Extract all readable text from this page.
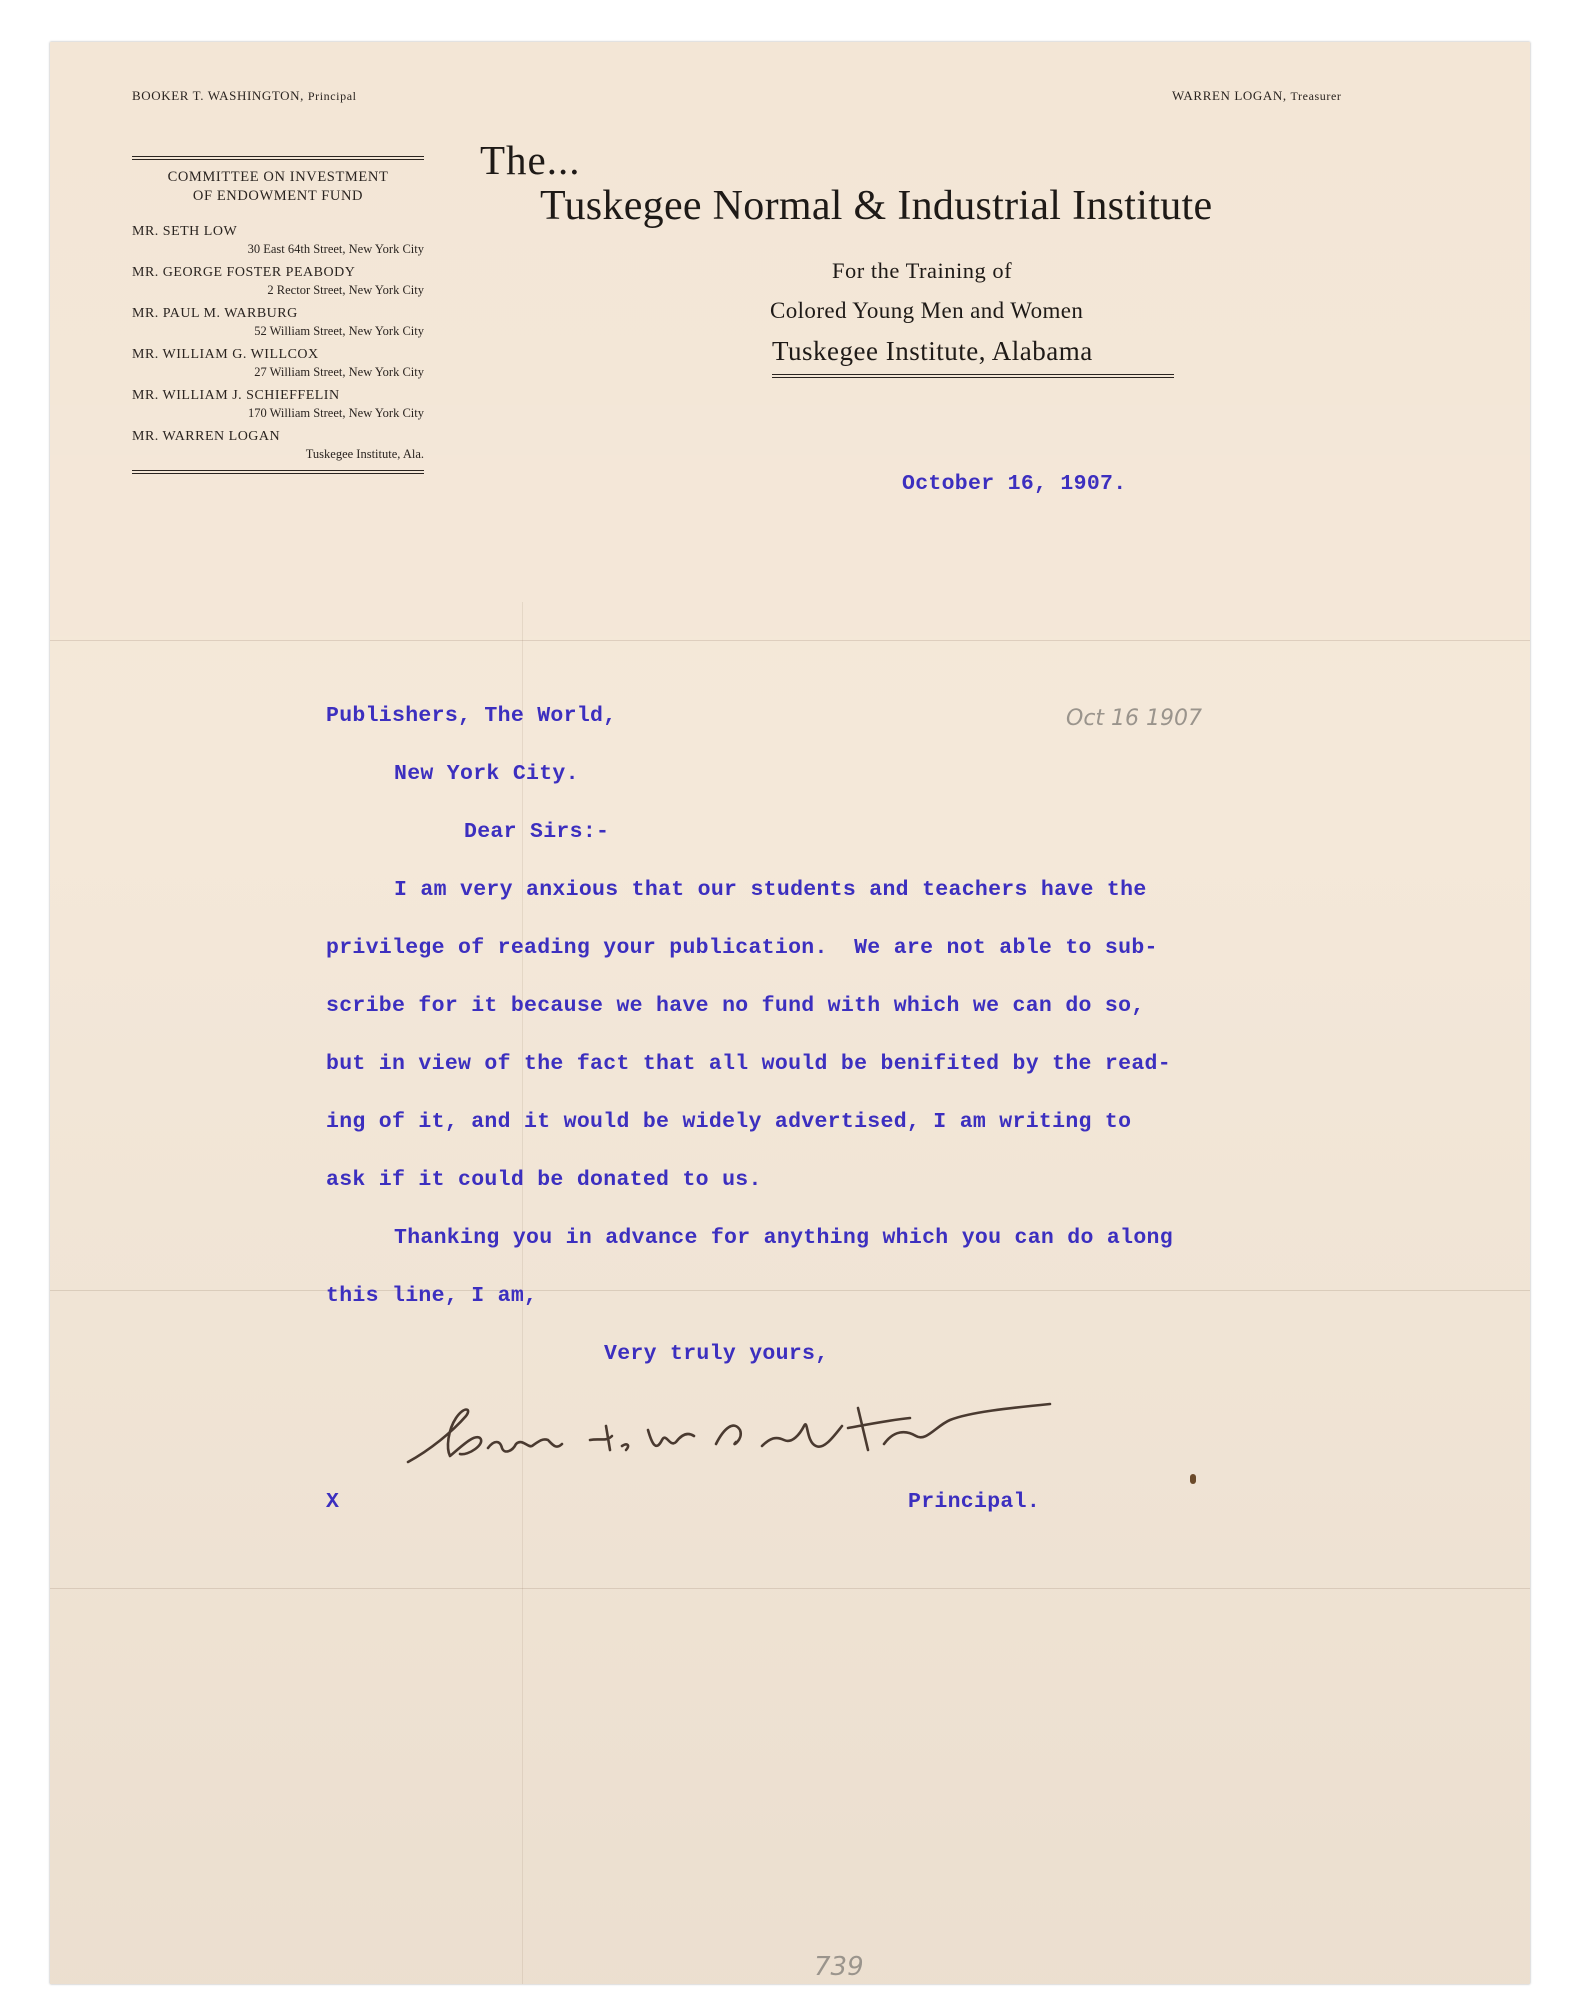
BOOKER T. WASHINGTON, Principal	WARREN LOGAN, Treasurer
COMMITTEE ON INVESTMENT
OF ENDOWMENT FUND
MR. SETH LOW
30 East 64th Street, New York City
MR. GEORGE FOSTER PEABODY
2 Rector Street, New York City
MR. PAUL M. WARBURG
52 William Street, New York City
MR. WILLIAM G. WILLCOX
27 William Street, New York City
MR. WILLIAM J. SCHIEFFELIN
170 William Street, New York City
MR. WARREN LOGAN
Tuskegee Institute, Ala.
The...
Tuskegee Normal & Industrial Institute
For the Training of
Colored Young Men and Women
Tuskegee Institute, Alabama
October 16, 1907.
Oct 16 1907
Publishers, The World,
New York City.
Dear Sirs:-
I am very anxious that our students and teachers have the
privilege of reading your publication.  We are not able to sub-
scribe for it because we have no fund with which we can do so,
but in view of the fact that all would be benifited by the read-
ing of it, and it would be widely advertised, I am writing to
ask if it could be donated to us.
Thanking you in advance for anything which you can do along
this line, I am,
Very truly yours,
X	Principal.
739
